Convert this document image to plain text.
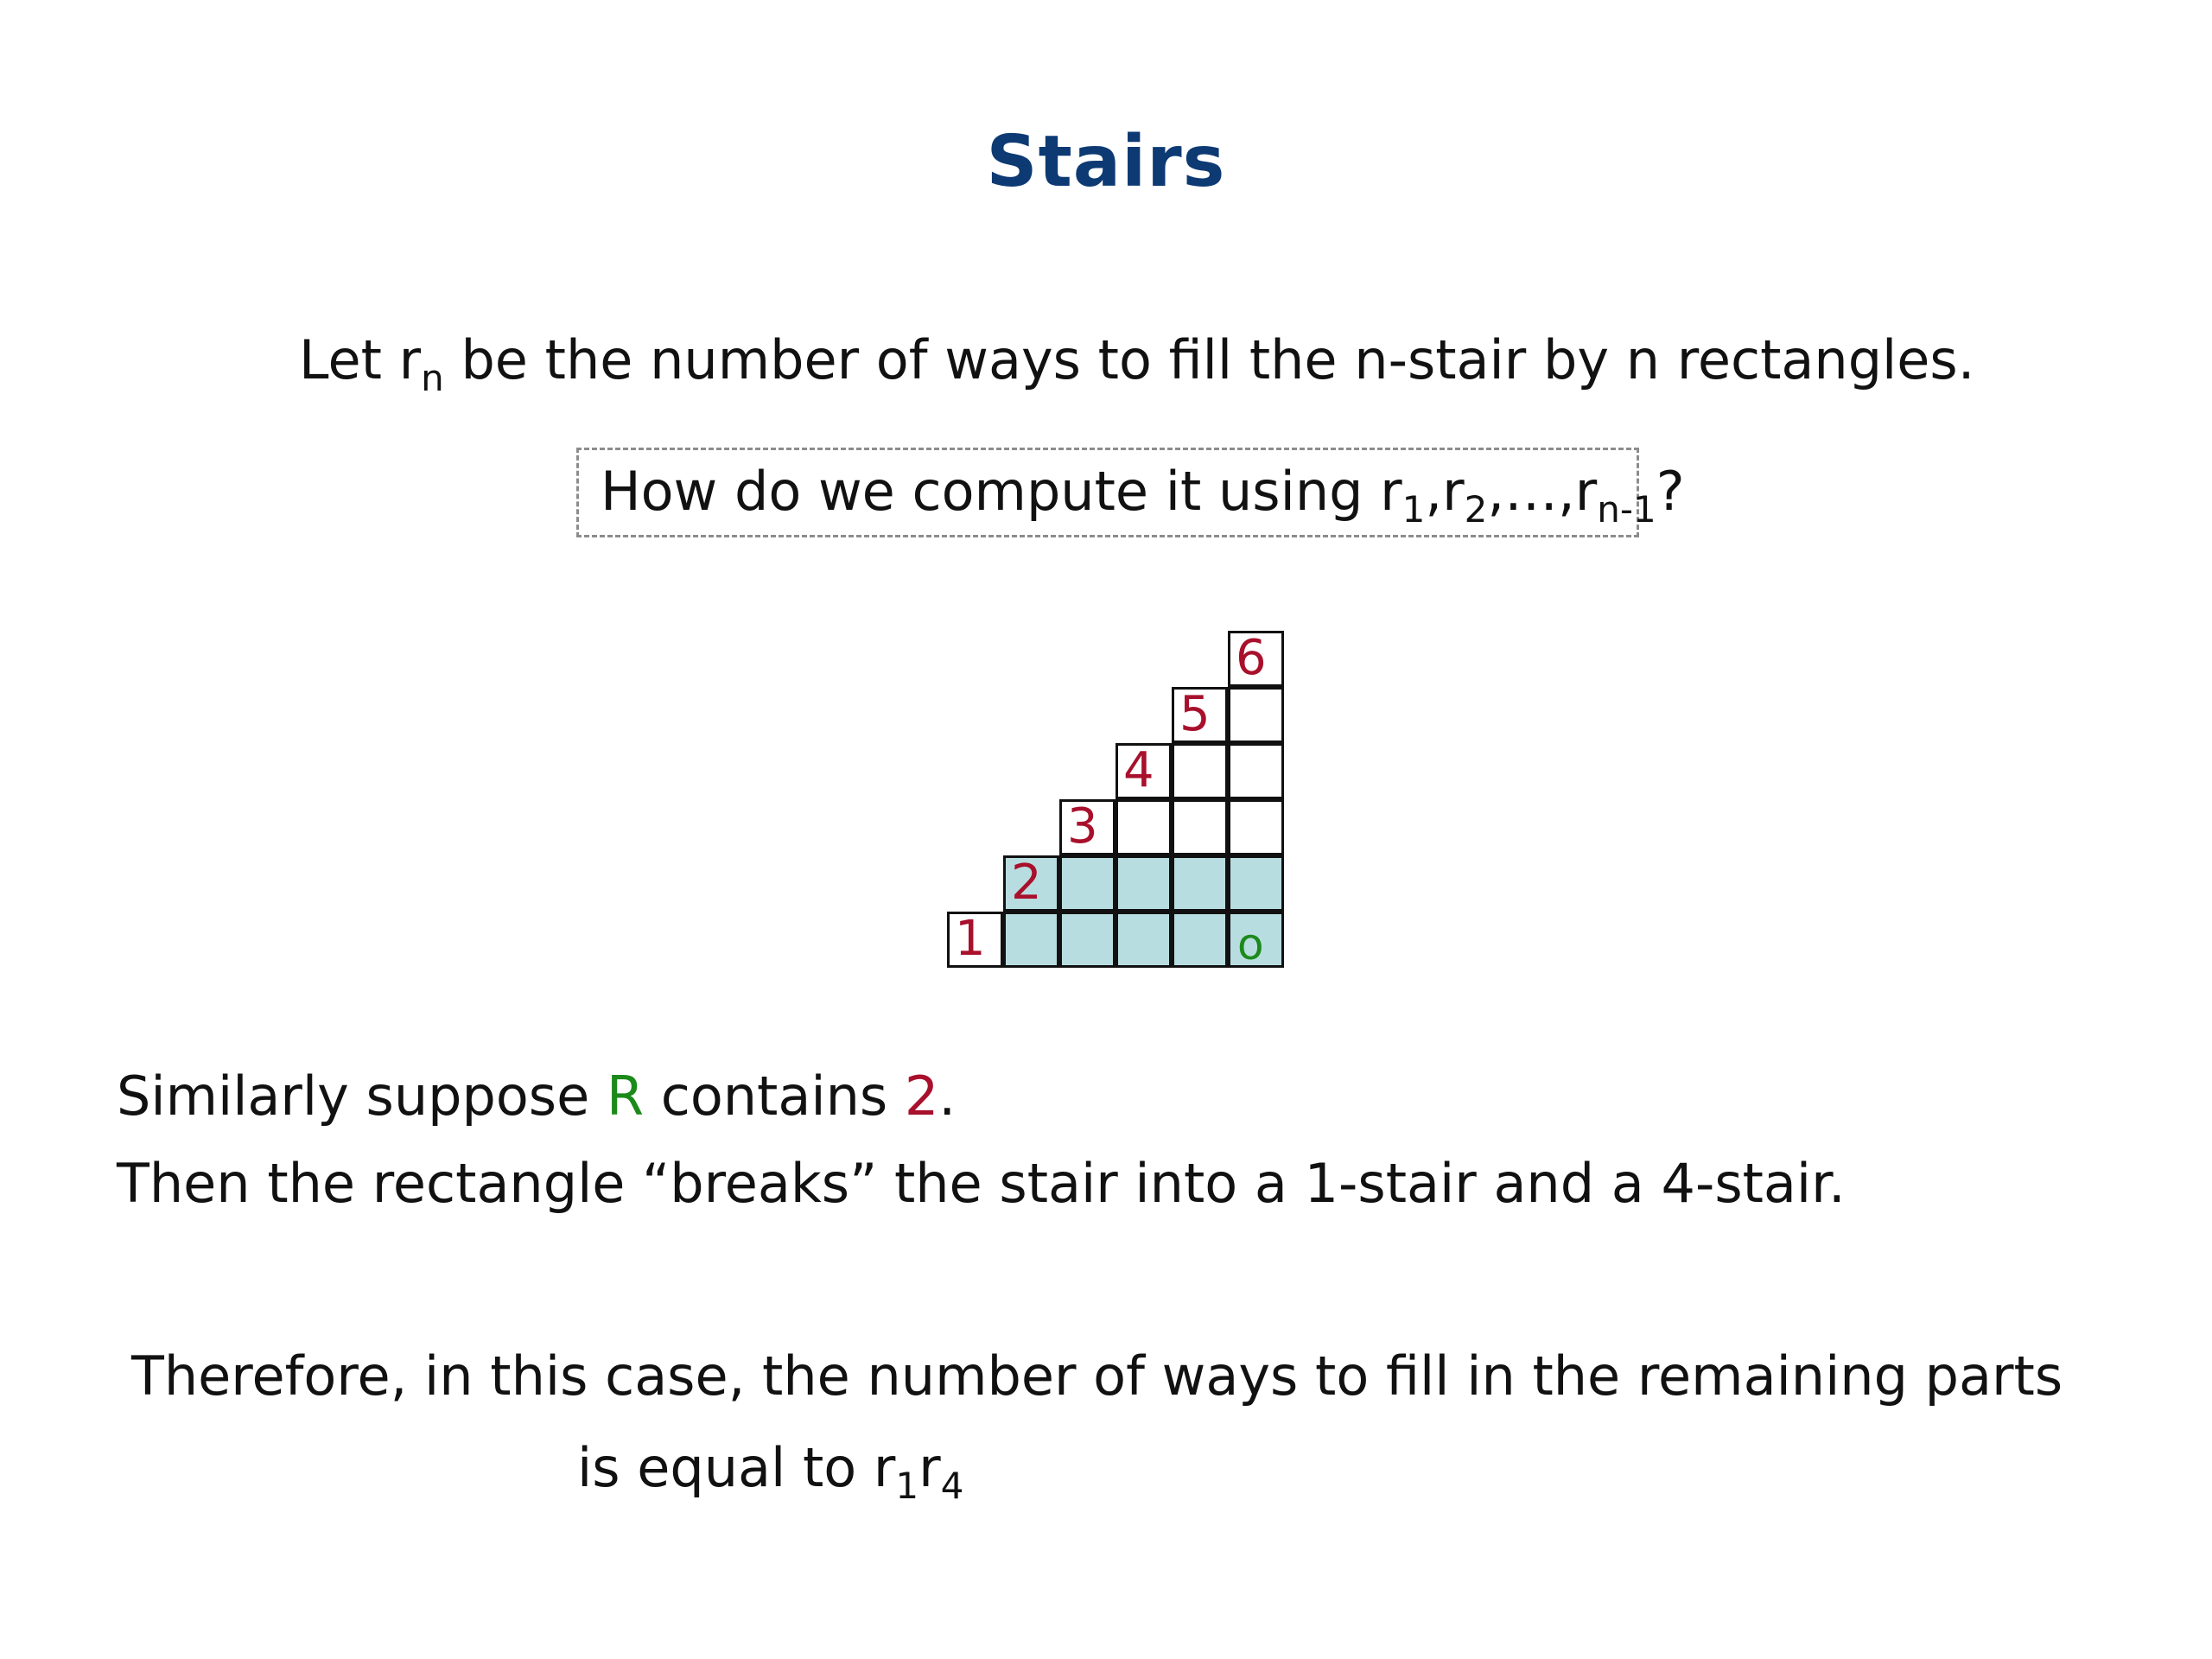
Stairs
Let $r_n$ be the number of ways to fill the n-stair by n rectangles.
How do we compute it using $r_1,r_2,\dots,r_{n-1}$?
6
5
4
3
2
1	o
Similarly suppose R contains 2.
Then the rectangle “breaks” the stair into a 1-stair and a 4-stair.
Therefore, in this case, the number of ways to fill in the remaining parts
is equal to $r_1r_4$
